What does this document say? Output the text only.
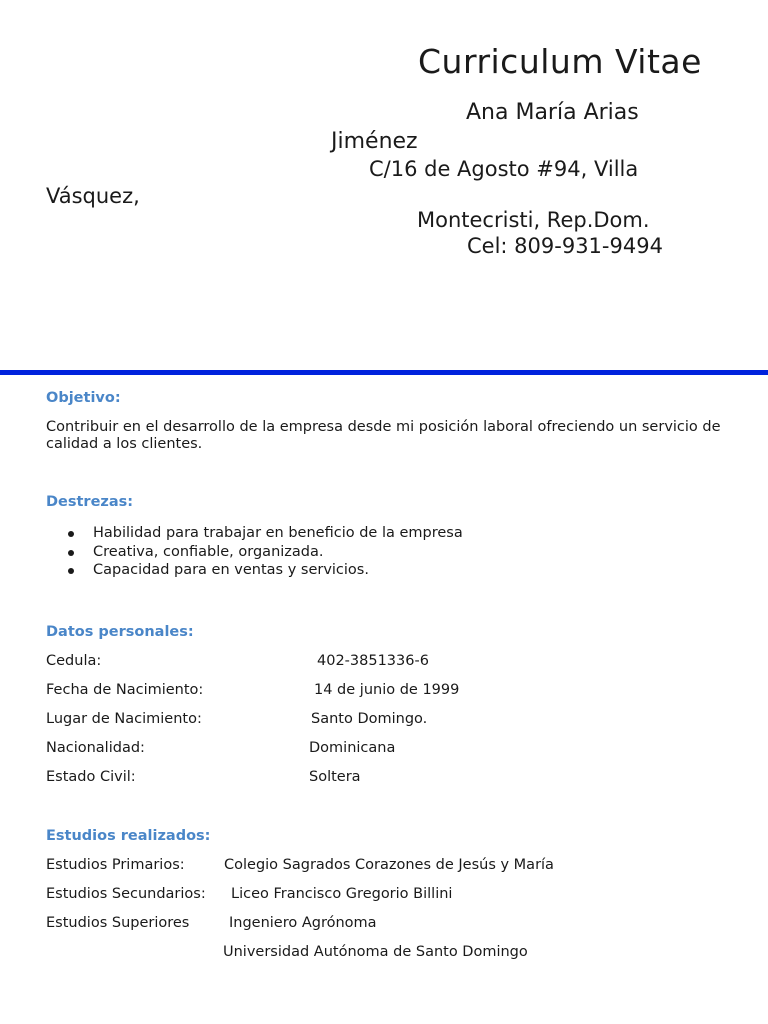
Curriculum Vitae
Ana María Arias
Jiménez
C/16 de Agosto #94, Villa
Vásquez,
Montecristi, Rep.Dom.
Cel: 809-931-9494
Objetivo:
Contribuir en el desarrollo de la empresa desde mi posición laboral ofreciendo un servicio de calidad a los clientes.
Destrezas:
Habilidad para trabajar en beneficio de la empresa
Creativa, confiable, organizada.
Capacidad para en ventas y servicios.
Datos personales:
Cedula:	402-3851336-6
Fecha de Nacimiento:	14 de junio de 1999
Lugar de Nacimiento:	Santo Domingo.
Nacionalidad:	Dominicana
Estado Civil:	Soltera
Estudios realizados:
Estudios Primarios:	Colegio Sagrados Corazones de Jesús y María
Estudios Secundarios: Liceo Francisco Gregorio Billini
Estudios Superiores	Ingeniero Agrónoma
Universidad Autónoma de Santo Domingo
